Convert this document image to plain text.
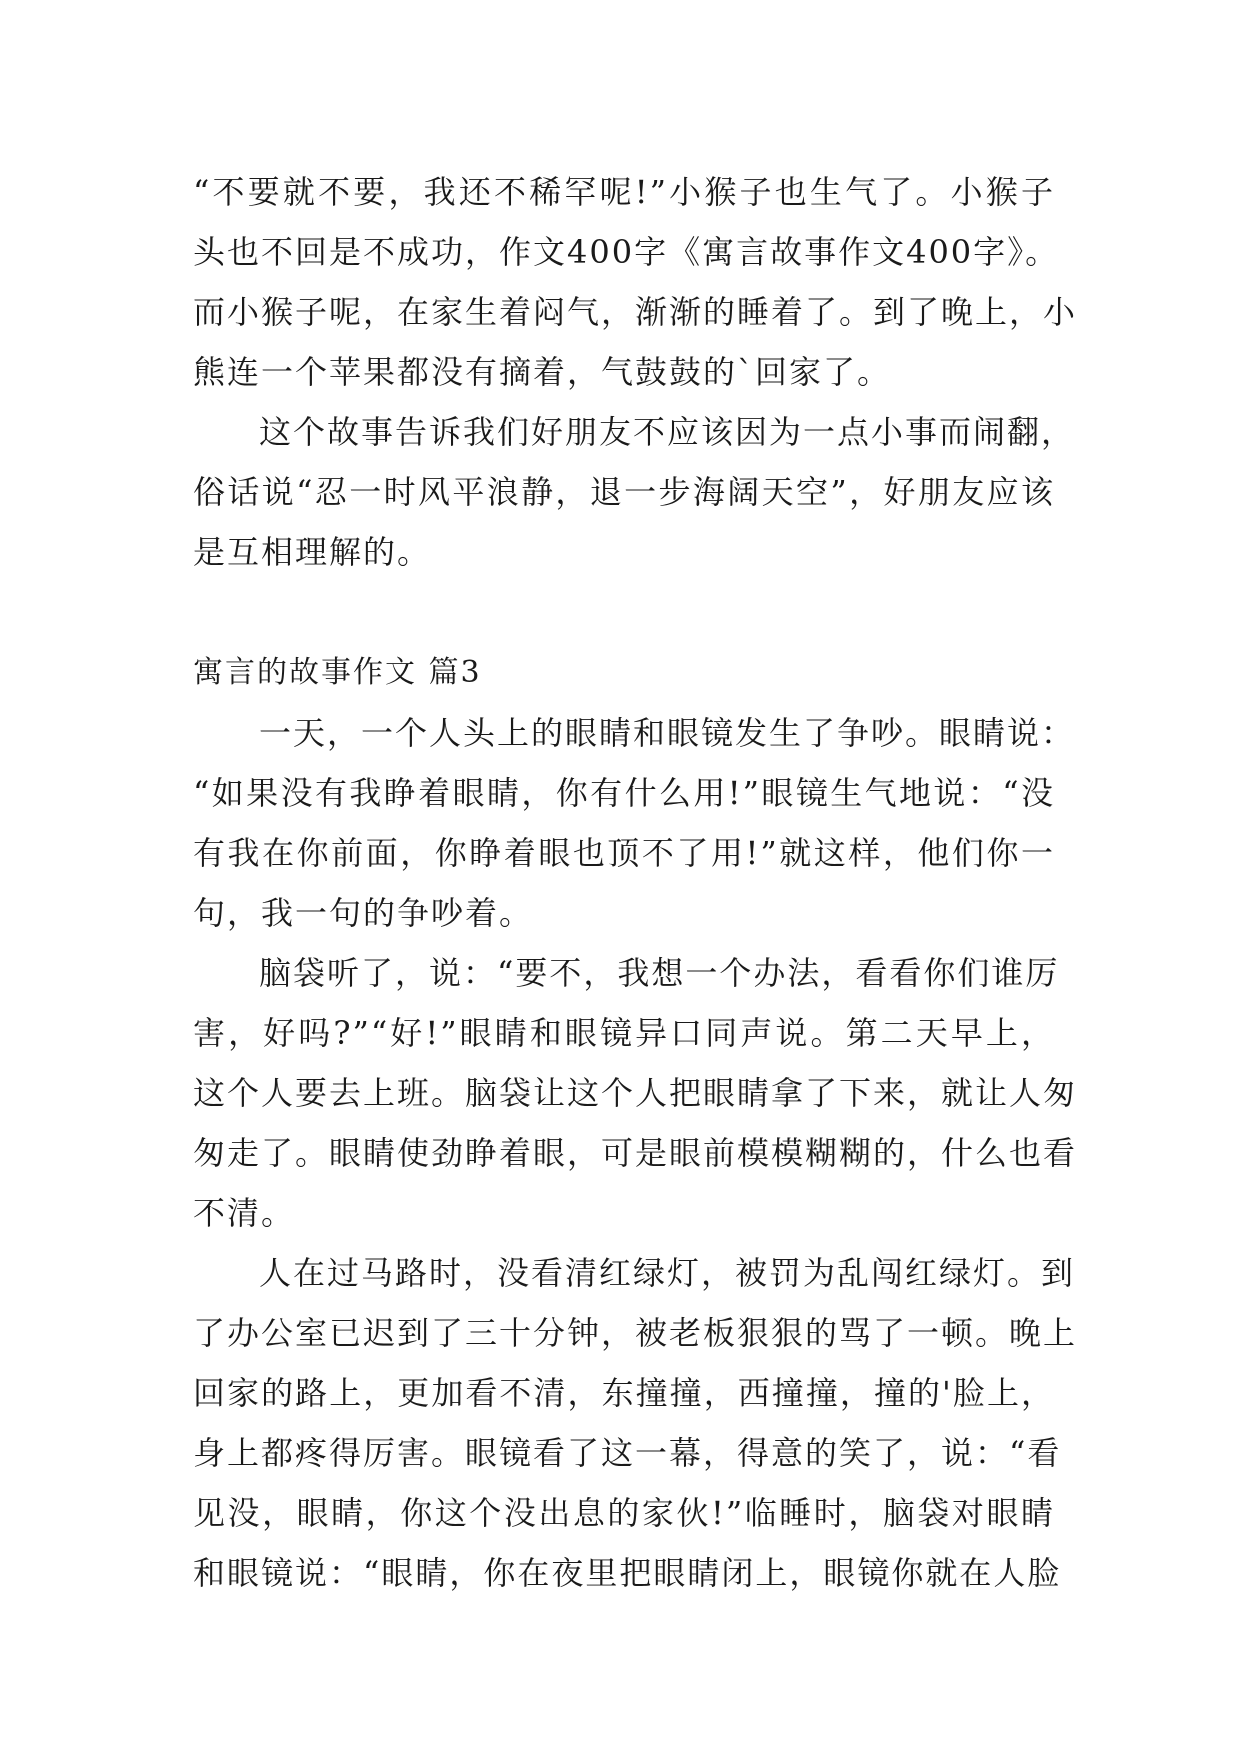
“不要就不要，我还不稀罕呢!”小猴子也生气了。小猴子
头也不回是不成功，作文400字《寓言故事作文400字》。
而小猴子呢，在家生着闷气，渐渐的睡着了。到了晚上，小
熊连一个苹果都没有摘着，气鼓鼓的`回家了。
这个故事告诉我们好朋友不应该因为一点小事而闹翻，
俗话说“忍一时风平浪静，退一步海阔天空”，好朋友应该
是互相理解的。
寓言的故事作文 篇3
一天，一个人头上的眼睛和眼镜发生了争吵。眼睛说：
“如果没有我睁着眼睛，你有什么用!”眼镜生气地说：“没
有我在你前面，你睁着眼也顶不了用!”就这样，他们你一
句，我一句的争吵着。
脑袋听了，说：“要不，我想一个办法，看看你们谁厉
害，好吗?”“好!”眼睛和眼镜异口同声说。第二天早上，
这个人要去上班。脑袋让这个人把眼睛拿了下来，就让人匆
匆走了。眼睛使劲睁着眼，可是眼前模模糊糊的，什么也看
不清。
人在过马路时，没看清红绿灯，被罚为乱闯红绿灯。到
了办公室已迟到了三十分钟，被老板狠狠的骂了一顿。晚上
回家的路上，更加看不清，东撞撞，西撞撞，撞的'脸上，
身上都疼得厉害。眼镜看了这一幕，得意的笑了，说：“看
见没，眼睛，你这个没出息的家伙!”临睡时，脑袋对眼睛
和眼镜说：“眼睛，你在夜里把眼睛闭上，眼镜你就在人脸
